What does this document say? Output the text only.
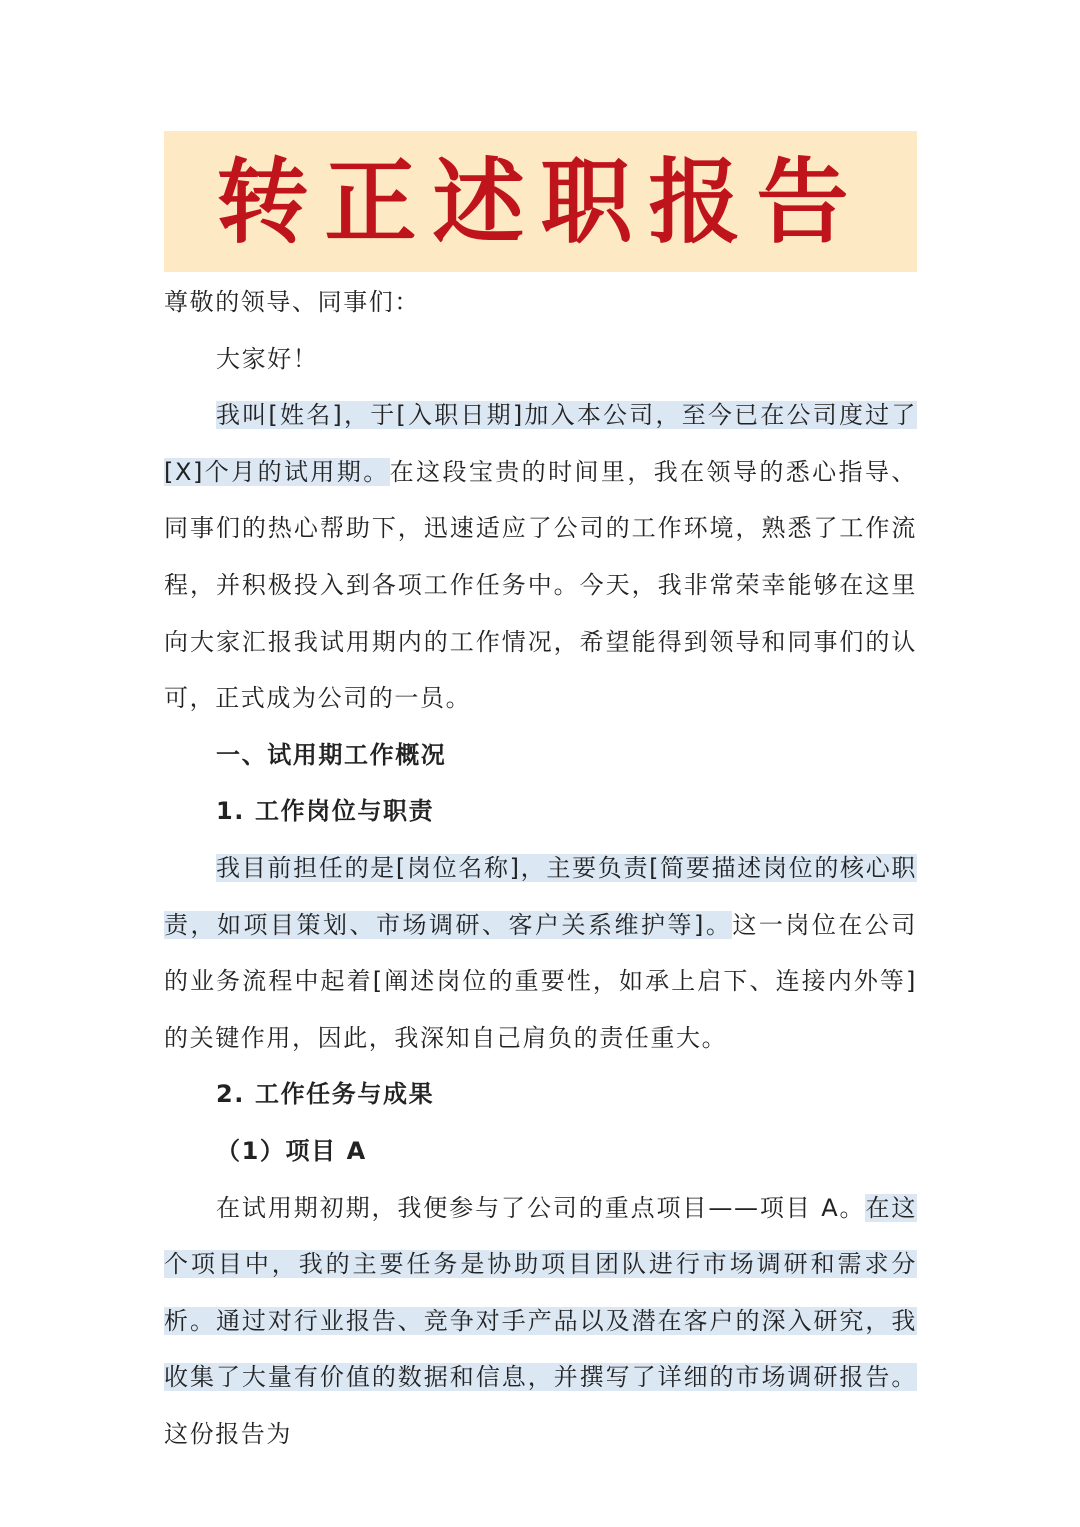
转正述职报告

尊敬的领导、同事们：

大家好！

我叫[姓名]，于[入职日期]加入本公司，至今已在公司度过了[X]个月的试用期。在这段宝贵的时间里，我在领导的悉心指导、同事们的热心帮助下，迅速适应了公司的工作环境，熟悉了工作流程，并积极投入到各项工作任务中。今天，我非常荣幸能够在这里向大家汇报我试用期内的工作情况，希望能得到领导和同事们的认可，正式成为公司的一员。

一、试用期工作概况

1. 工作岗位与职责

我目前担任的是[岗位名称]，主要负责[简要描述岗位的核心职责，如项目策划、市场调研、客户关系维护等]。这一岗位在公司的业务流程中起着[阐述岗位的重要性，如承上启下、连接内外等]的关键作用，因此，我深知自己肩负的责任重大。

2. 工作任务与成果

（1）项目 A

在试用期初期，我便参与了公司的重点项目——项目 A。在这个项目中，我的主要任务是协助项目团队进行市场调研和需求分析。通过对行业报告、竞争对手产品以及潜在客户的深入研究，我收集了大量有价值的数据和信息，并撰写了详细的市场调研报告。这份报告为
